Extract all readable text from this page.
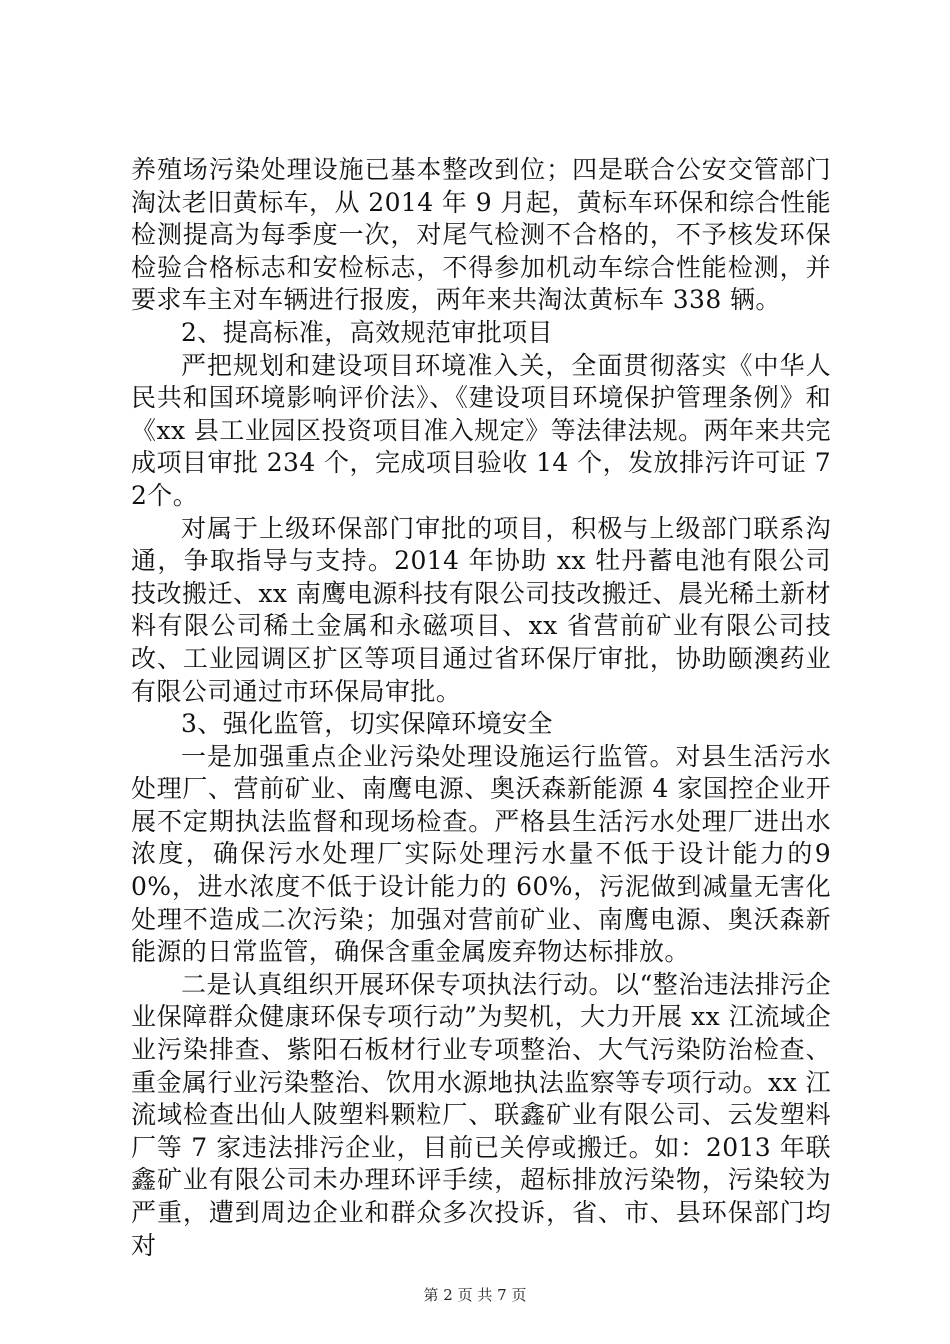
养殖场污染处理设施已基本整改到位；四是联合公安交管部门淘汰老旧黄标车，从 2014 年 9 月起，黄标车环保和综合性能检测提高为每季度一次，对尾气检测不合格的，不予核发环保检验合格标志和安检标志，不得参加机动车综合性能检测，并要求车主对车辆进行报废，两年来共淘汰黄标车 338 辆。

2、提高标准，高效规范审批项目

严把规划和建设项目环境准入关，全面贯彻落实《中华人民共和国环境影响评价法》、《建设项目环境保护管理条例》和《xx 县工业园区投资项目准入规定》等法律法规。两年来共完成项目审批 234 个，完成项目验收 14 个，发放排污许可证 72个。

对属于上级环保部门审批的项目，积极与上级部门联系沟通，争取指导与支持。2014 年协助 xx 牡丹蓄电池有限公司技改搬迁、xx 南鹰电源科技有限公司技改搬迁、晨光稀土新材料有限公司稀土金属和永磁项目、xx 省营前矿业有限公司技改、工业园调区扩区等项目通过省环保厅审批，协助颐澳药业有限公司通过市环保局审批。

3、强化监管，切实保障环境安全

一是加强重点企业污染处理设施运行监管。对县生活污水处理厂、营前矿业、南鹰电源、奥沃森新能源 4 家国控企业开展不定期执法监督和现场检查。严格县生活污水处理厂进出水浓度，确保污水处理厂实际处理污水量不低于设计能力的90%，进水浓度不低于设计能力的 60%，污泥做到减量无害化处理不造成二次污染；加强对营前矿业、南鹰电源、奥沃森新能源的日常监管，确保含重金属废弃物达标排放。

二是认真组织开展环保专项执法行动。以“整治违法排污企业保障群众健康环保专项行动”为契机，大力开展 xx 江流域企业污染排查、紫阳石板材行业专项整治、大气污染防治检查、重金属行业污染整治、饮用水源地执法监察等专项行动。xx 江流域检查出仙人陂塑料颗粒厂、联鑫矿业有限公司、云发塑料厂等 7 家违法排污企业，目前已关停或搬迁。如：2013 年联鑫矿业有限公司未办理环评手续，超标排放污染物，污染较为严重，遭到周边企业和群众多次投诉，省、市、县环保部门均对

第 2 页 共 7 页
